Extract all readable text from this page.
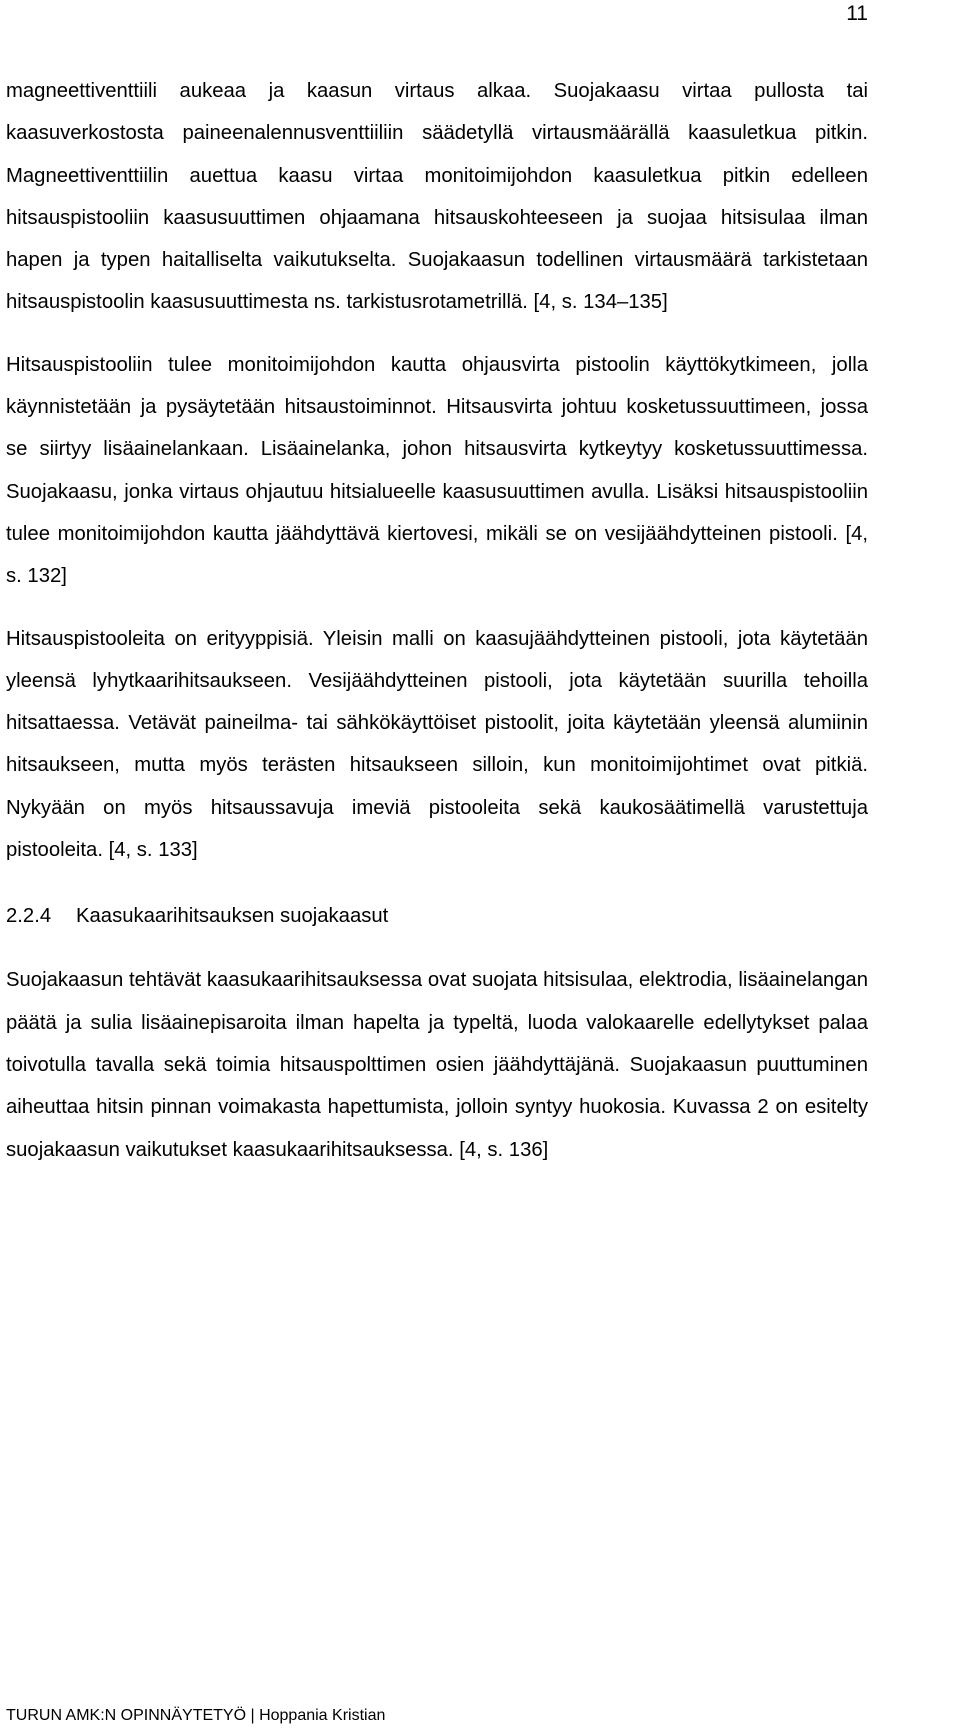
11

magneettiventtiili aukeaa ja kaasun virtaus alkaa. Suojakaasu virtaa pullosta tai kaasuverkostosta paineenalennusventtiiliin säädetyllä virtausmäärällä kaasuletkua pitkin. Magneettiventtiilin auettua kaasu virtaa monitoimijohdon kaasuletkua pitkin edelleen hitsauspistooliin kaasusuuttimen ohjaamana hitsauskohteeseen ja suojaa hitsisulaa ilman hapen ja typen haitalliselta vaikutukselta. Suojakaasun todellinen virtausmäärä tarkistetaan hitsauspistoolin kaasusuuttimesta ns. tarkistusrotametrillä. [4, s. 134–135]

Hitsauspistooliin tulee monitoimijohdon kautta ohjausvirta pistoolin käyttökytkimeen, jolla käynnistetään ja pysäytetään hitsaustoiminnot. Hitsausvirta johtuu kosketussuuttimeen, jossa se siirtyy lisäainelankaan. Lisäainelanka, johon hitsausvirta kytkeytyy kosketussuuttimessa. Suojakaasu, jonka virtaus ohjautuu hitsialueelle kaasusuuttimen avulla. Lisäksi hitsauspistooliin tulee monitoimijohdon kautta jäähdyttävä kiertovesi, mikäli se on vesijäähdytteinen pistooli. [4, s. 132]

Hitsauspistooleita on erityyppisiä. Yleisin malli on kaasujäähdytteinen pistooli, jota käytetään yleensä lyhytkaarihitsaukseen. Vesijäähdytteinen pistooli, jota käytetään suurilla tehoilla hitsattaessa. Vetävät paineilma- tai sähkökäyttöiset pistoolit, joita käytetään yleensä alumiinin hitsaukseen, mutta myös terästen hitsaukseen silloin, kun monitoimijohtimet ovat pitkiä. Nykyään on myös hitsaussavuja imeviä pistooleita sekä kaukosäätimellä varustettuja pistooleita. [4, s. 133]

2.2.4 Kaasukaarihitsauksen suojakaasut

Suojakaasun tehtävät kaasukaarihitsauksessa ovat suojata hitsisulaa, elektrodia, lisäainelangan päätä ja sulia lisäainepisaroita ilman hapelta ja typeltä, luoda valokaarelle edellytykset palaa toivotulla tavalla sekä toimia hitsauspolttimen osien jäähdyttäjänä. Suojakaasun puuttuminen aiheuttaa hitsin pinnan voimakasta hapettumista, jolloin syntyy huokosia. Kuvassa 2 on esitelty suojakaasun vaikutukset kaasukaarihitsauksessa. [4, s. 136]

TURUN AMK:N OPINNÄYTETYÖ | Hoppania Kristian
